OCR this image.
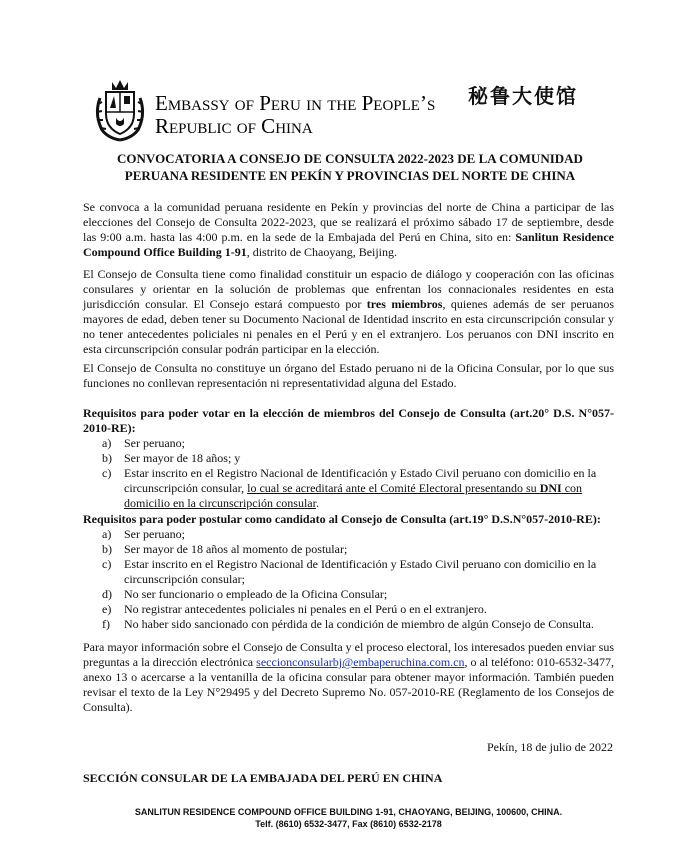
Embassy of Peru in the People’s
Republic of China
秘鲁大使馆
CONVOCATORIA A CONSEJO DE CONSULTA 2022-2023 DE LA COMUNIDAD
PERUANA RESIDENTE EN PEKÍN Y PROVINCIAS DEL NORTE DE CHINA
Se convoca a la comunidad peruana residente en Pekín y provincias del norte de China a participar de las elecciones del Consejo de Consulta 2022-2023, que se realizará el próximo sábado 17 de septiembre, desde las 9:00 a.m. hasta las 4:00 p.m. en la sede de la Embajada del Perú en China, sito en: Sanlitun Residence Compound Office Building 1-91, distrito de Chaoyang, Beijing.
El Consejo de Consulta tiene como finalidad constituir un espacio de diálogo y cooperación con las oficinas consulares y orientar en la solución de problemas que enfrentan los connacionales residentes en esta jurisdicción consular. El Consejo estará compuesto por tres miembros, quienes además de ser peruanos mayores de edad, deben tener su Documento Nacional de Identidad inscrito en esta circunscripción consular y no tener antecedentes policiales ni penales en el Perú y en el extranjero. Los peruanos con DNI inscrito en esta circunscripción consular podrán participar en la elección.
El Consejo de Consulta no constituye un órgano del Estado peruano ni de la Oficina Consular, por lo que sus funciones no conllevan representación ni representatividad alguna del Estado.
Requisitos para poder votar en la elección de miembros del Consejo de Consulta (art.20° D.S. N°057-2010-RE):
a) Ser peruano;
b) Ser mayor de 18 años; y
c) Estar inscrito en el Registro Nacional de Identificación y Estado Civil peruano con domicilio en la circunscripción consular, lo cual se acreditará ante el Comité Electoral presentando su DNI con domicilio en la circunscripción consular.
Requisitos para poder postular como candidato al Consejo de Consulta (art.19° D.S.N°057-2010-RE):
a) Ser peruano;
b) Ser mayor de 18 años al momento de postular;
c) Estar inscrito en el Registro Nacional de Identificación y Estado Civil peruano con domicilio en la circunscripción consular;
d) No ser funcionario o empleado de la Oficina Consular;
e) No registrar antecedentes policiales ni penales en el Perú o en el extranjero.
f) No haber sido sancionado con pérdida de la condición de miembro de algún Consejo de Consulta.
Para mayor información sobre el Consejo de Consulta y el proceso electoral, los interesados pueden enviar sus preguntas a la dirección electrónica seccionconsularbj@embaperuchina.com.cn, o al teléfono: 010-6532-3477, anexo 13 o acercarse a la ventanilla de la oficina consular para obtener mayor información. También pueden revisar el texto de la Ley N°29495 y del Decreto Supremo No. 057-2010-RE (Reglamento de los Consejos de Consulta).
Pekín, 18 de julio de 2022
SECCIÓN CONSULAR DE LA EMBAJADA DEL PERÚ EN CHINA
SANLITUN RESIDENCE COMPOUND OFFICE BUILDING 1-91, CHAOYANG, BEIJING, 100600, CHINA.
Telf. (8610) 6532-3477, Fax (8610) 6532-2178
